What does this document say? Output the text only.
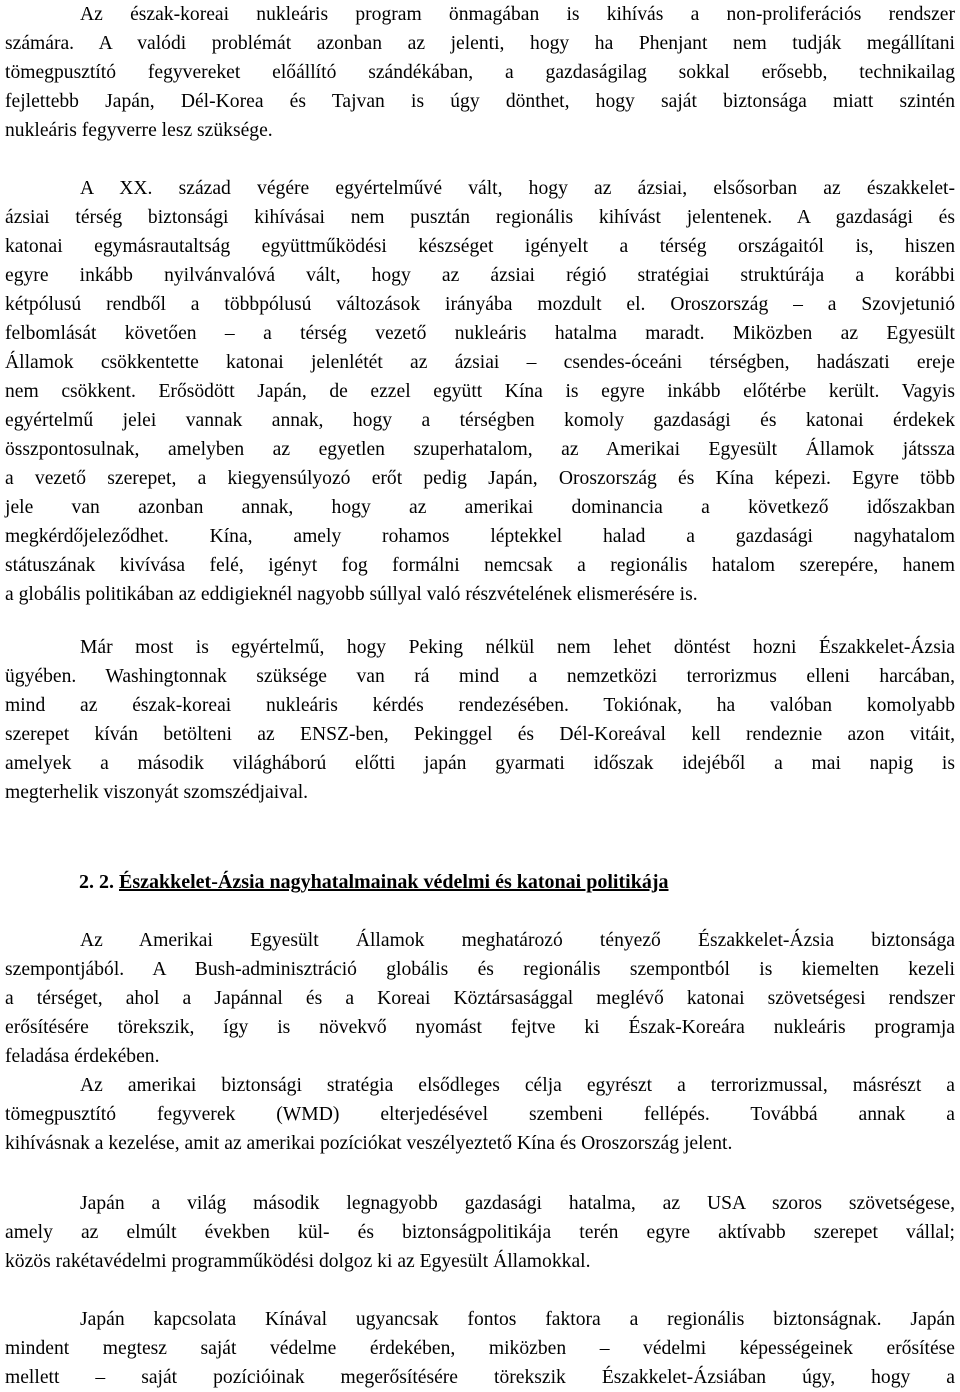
Az észak-koreai nukleáris program önmagában is kihívás a non-proliferációs rendszer
számára. A valódi problémát azonban az jelenti, hogy ha Phenjant nem tudják megállítani
tömegpusztító fegyvereket előállító szándékában, a gazdaságilag sokkal erősebb, technikailag
fejlettebb Japán, Dél-Korea és Tajvan is úgy dönthet, hogy saját biztonsága miatt szintén
nukleáris fegyverre lesz szüksége.
A XX. század végére egyértelművé vált, hogy az ázsiai, elsősorban az északkelet-
ázsiai térség biztonsági kihívásai nem pusztán regionális kihívást jelentenek. A gazdasági és
katonai egymásrautaltság együttműködési készséget igényelt a térség országaitól is, hiszen
egyre inkább nyilvánvalóvá vált, hogy az ázsiai régió stratégiai struktúrája a korábbi
kétpólusú rendből a többpólusú változások irányába mozdult el. Oroszország – a Szovjetunió
felbomlását követően – a térség vezető nukleáris hatalma maradt. Miközben az Egyesült
Államok csökkentette katonai jelenlétét az ázsiai – csendes-óceáni térségben, hadászati ereje
nem csökkent. Erősödött Japán, de ezzel együtt Kína is egyre inkább előtérbe került. Vagyis
egyértelmű jelei vannak annak, hogy a térségben komoly gazdasági és katonai érdekek
összpontosulnak, amelyben az egyetlen szuperhatalom, az Amerikai Egyesült Államok játssza
a vezető szerepet, a kiegyensúlyozó erőt pedig Japán, Oroszország és Kína képezi. Egyre több
jele van azonban annak, hogy az amerikai dominancia a következő időszakban
megkérdőjeleződhet. Kína, amely rohamos léptekkel halad a gazdasági nagyhatalom
státuszának kivívása felé, igényt fog formálni nemcsak a regionális hatalom szerepére, hanem
a globális politikában az eddigieknél nagyobb súllyal való részvételének elismerésére is.
Már most is egyértelmű, hogy Peking nélkül nem lehet döntést hozni Északkelet-Ázsia
ügyében. Washingtonnak szüksége van rá mind a nemzetközi terrorizmus elleni harcában,
mind az észak-koreai nukleáris kérdés rendezésében. Tokiónak, ha valóban komolyabb
szerepet kíván betölteni az ENSZ-ben, Pekinggel és Dél-Koreával kell rendeznie azon vitáit,
amelyek a második világháború előtti japán gyarmati időszak idejéből a mai napig is
megterhelik viszonyát szomszédjaival.
2. 2. Északkelet-Ázsia nagyhatalmainak védelmi és katonai politikája
Az Amerikai Egyesült Államok meghatározó tényező Északkelet-Ázsia biztonsága
szempontjából. A Bush-adminisztráció globális és regionális szempontból is kiemelten kezeli
a térséget, ahol a Japánnal és a Koreai Köztársasággal meglévő katonai szövetségesi rendszer
erősítésére törekszik, így is növekvő nyomást fejtve ki Észak-Koreára nukleáris programja
feladása érdekében.
Az amerikai biztonsági stratégia elsődleges célja egyrészt a terrorizmussal, másrészt a
tömegpusztító fegyverek (WMD) elterjedésével szembeni fellépés. Továbbá annak a
kihívásnak a kezelése, amit az amerikai pozíciókat veszélyeztető Kína és Oroszország jelent.
Japán a világ második legnagyobb gazdasági hatalma, az USA szoros szövetségese,
amely az elmúlt években kül- és biztonságpolitikája terén egyre aktívabb szerepet vállal;
közös rakétavédelmi programműködési dolgoz ki az Egyesült Államokkal.
Japán kapcsolata Kínával ugyancsak fontos faktora a regionális biztonságnak. Japán
mindent megtesz saját védelme érdekében, miközben – védelmi képességeinek erősítése
mellett – saját pozícióinak megerősítésére törekszik Északkelet-Ázsiában úgy, hogy a
